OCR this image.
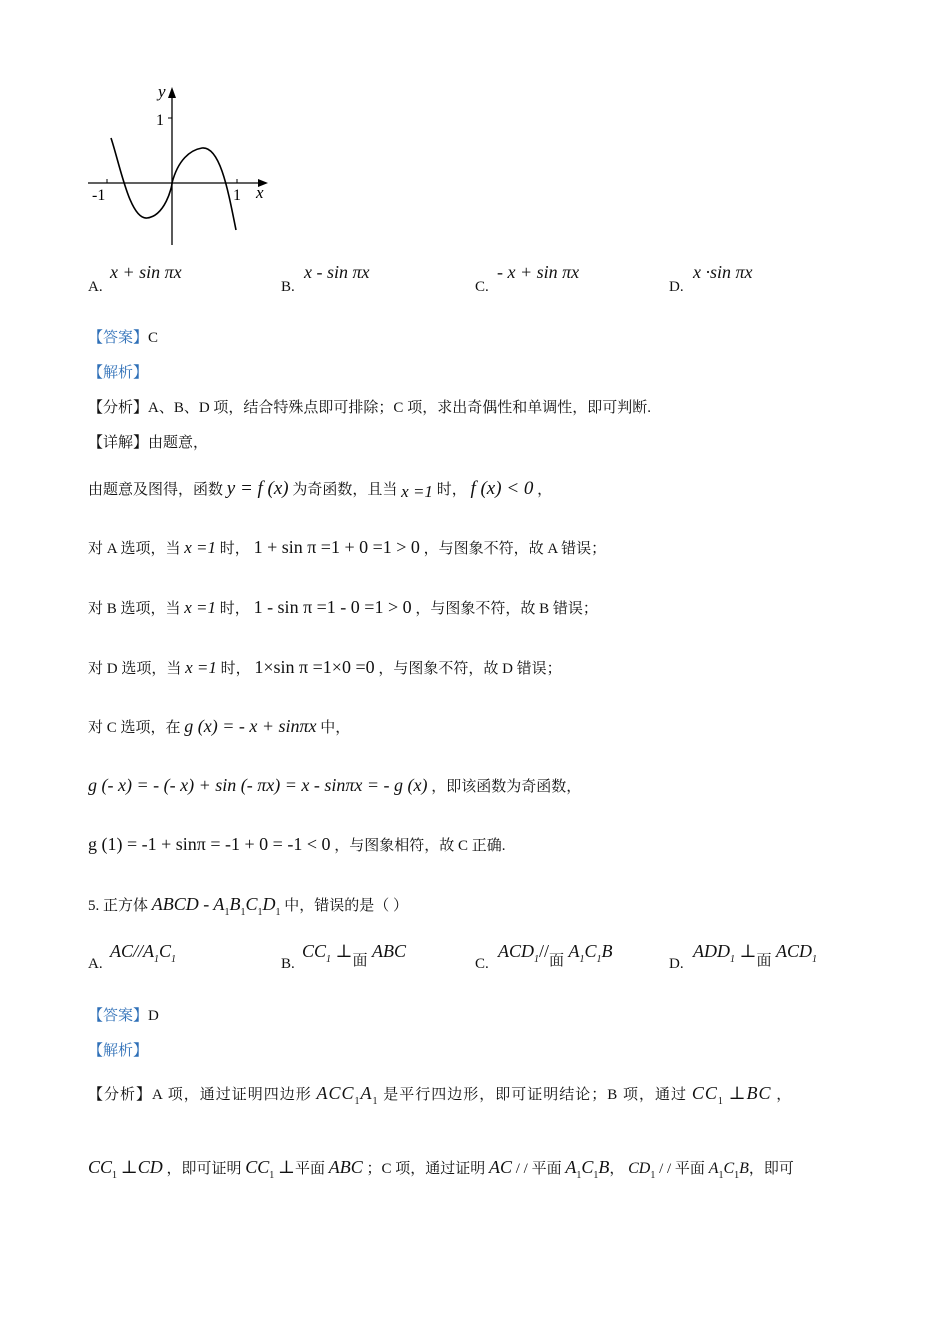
y
1
-1	1 x
A.
x + sin πx
B.
x - sin πx
C.
- x + sin πx
D.
x ·sin πx
【答案】C
【解析】
【分析】A、B、D 项，结合特殊点即可排除；C 项，求出奇偶性和单调性，即可判断.
【详解】由题意，
由题意及图得，函数 y = f (x) 为奇函数，且当 x =1 时， f (x) < 0 ，
对 A 选项，当 x =1 时， 1 + sin π =1 + 0 =1 > 0 ，与图象不符，故 A 错误；
对 B 选项，当 x =1 时， 1 - sin π =1 - 0 =1 > 0 ，与图象不符，故 B 错误；
对 D 选项，当 x =1 时， 1×sin π =1×0 =0 ，与图象不符，故 D 错误；
对 C 选项，在 g (x) = - x + sinπx 中，
g (- x) = - (- x) + sin (- πx) = x - sinπx = - g (x) ，即该函数为奇函数，
g (1) = -1 + sinπ = -1 + 0 = -1 < 0 ，与图象相符，故 C 正确.
5. 正方体 ABCD - $A_1B_1C_1D_1$ 中，错误的是（ ）
A.
$AC//A_1C_1$	B.
$CC_1$ $\perp_面$ ABC
C.
$ACD_1//_面$ $A_1C_1B$
D.
$ADD_1$ $\perp_面$ $ACD_1$
【答案】D
【解析】
【分析】A 项，通过证明四边形 $ACC_1A_1$ 是平行四边形，即可证明结论；B 项，通过 $CC_1$ ⊥BC ，
$CC_1$ ⊥CD ，即可证明 $CC_1$ ⊥平面 ABC ；C 项，通过证明 AC / / 平面 $A_1C_1B$， $CD_1$ / / 平面 $A_1C_1B$，即可
